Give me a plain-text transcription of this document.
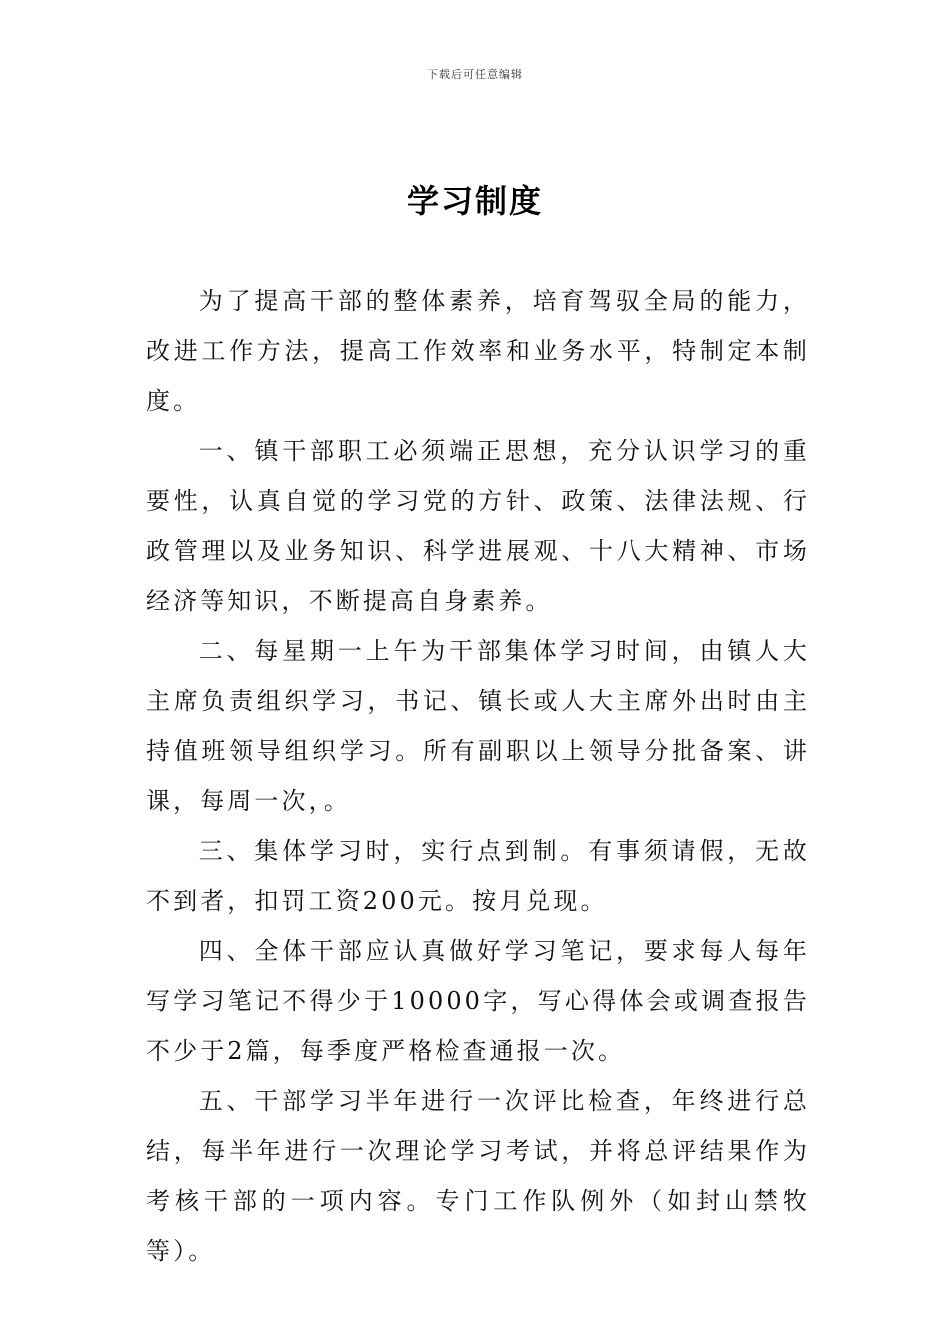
下载后可任意编辑
学习制度

为了提高干部的整体素养，培育驾驭全局的能力，改进工作方法，提高工作效率和业务水平，特制定本制度。

一、镇干部职工必须端正思想，充分认识学习的重要性，认真自觉的学习党的方针、政策、法律法规、行政管理以及业务知识、科学进展观、十八大精神、市场经济等知识，不断提高自身素养。

二、每星期一上午为干部集体学习时间，由镇人大主席负责组织学习，书记、镇长或人大主席外出时由主持值班领导组织学习。所有副职以上领导分批备案、讲课，每周一次，。

三、集体学习时，实行点到制。有事须请假，无故不到者，扣罚工资200元。按月兑现。

四、全体干部应认真做好学习笔记，要求每人每年写学习笔记不得少于10000字，写心得体会或调查报告不少于2篇，每季度严格检查通报一次。

五、干部学习半年进行一次评比检查，年终进行总结，每半年进行一次理论学习考试，并将总评结果作为考核干部的一项内容。专门工作队例外（如封山禁牧等）。
